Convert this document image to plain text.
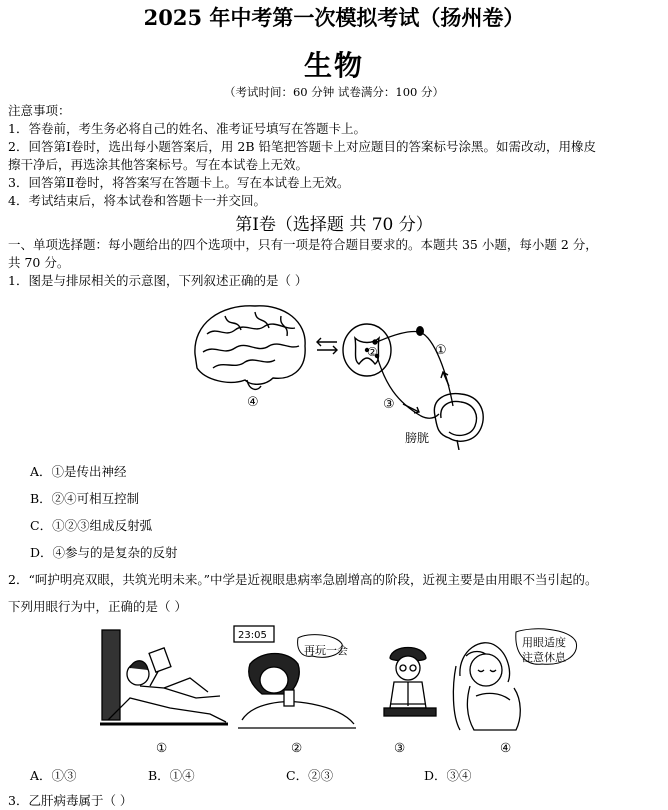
2025 年中考第一次模拟考试（扬州卷）
生物
（考试时间：60 分钟 试卷满分：100 分）
注意事项：
1．答卷前，考生务必将自己的姓名、准考证号填写在答题卡上。
2．回答第Ⅰ卷时，选出每小题答案后，用 2B 铅笔把答题卡上对应题目的答案标号涂黑。如需改动，用橡皮
擦干净后，再选涂其他答案标号。写在本试卷上无效。
3．回答第Ⅱ卷时，将答案写在答题卡上。写在本试卷上无效。
4．考试结束后，将本试卷和答题卡一并交回。
第Ⅰ卷（选择题 共 70 分）
一、单项选择题：每小题给出的四个选项中，只有一项是符合题目要求的。本题共 35 小题，每小题 2 分，
共 70 分。
1．图是与排尿相关的示意图，下列叙述正确的是（ ）
①
②
③
④
膀胱
A．①是传出神经
B．②④可相互控制
C．①②③组成反射弧
D．④参与的是复杂的反射
2．“呵护明亮双眼，共筑光明未来。”中学是近视眼患病率急剧增高的阶段，近视主要是由用眼不当引起的。
下列用眼行为中，正确的是（ ）
23:05
再玩一会
用眼适度
注意休息
①	②	③	④
A．①③	B．①④	C．②③	D．③④
3．乙肝病毒属于（ ）
